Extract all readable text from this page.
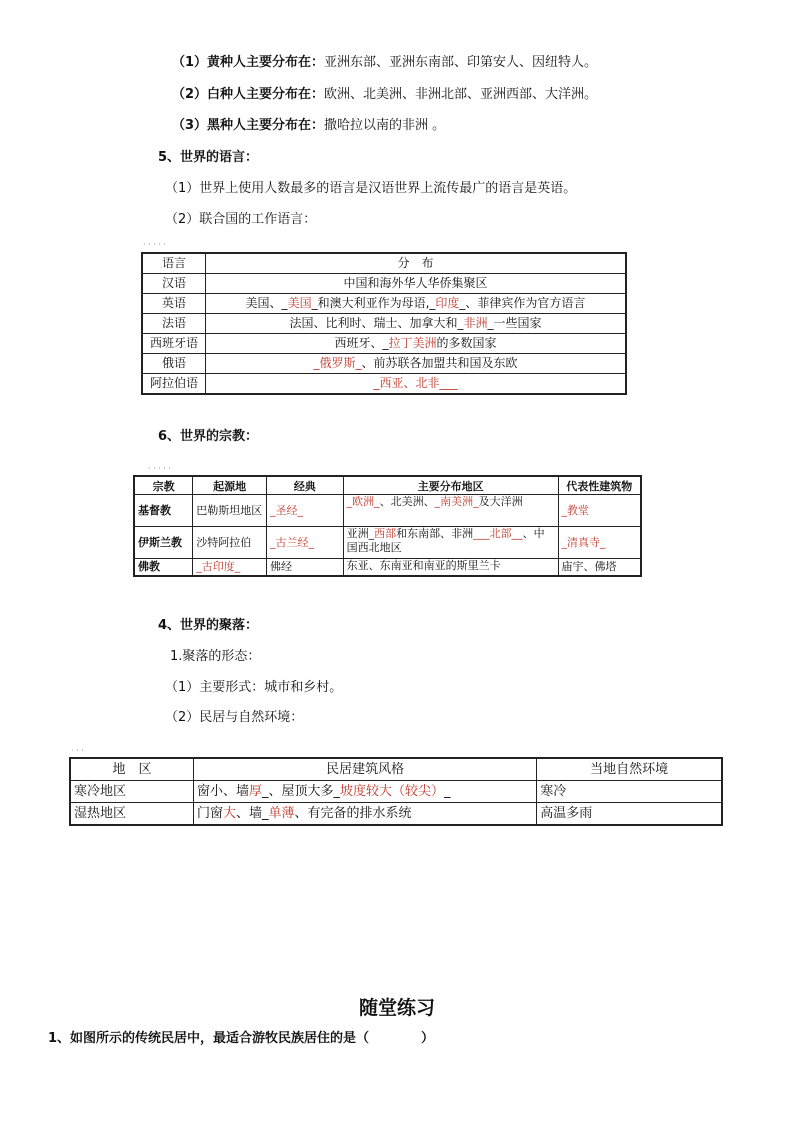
（1）黄种人主要分布在：亚洲东部、亚洲东南部、印第安人、因纽特人。
（2）白种人主要分布在：欧洲、北美洲、非洲北部、亚洲西部、大洋洲。
（3）黑种人主要分布在：撒哈拉以南的非洲 。
5、世界的语言：
（1）世界上使用人数最多的语言是汉语世界上流传最广的语言是英语。
（2）联合国的工作语言：
· · · · ·
语言	分　布
汉语	中国和海外华人华侨集聚区
英语	美国、_美国_和澳大利亚作为母语,_印度_、菲律宾作为官方语言
法语	法国、比利时、瑞士、加拿大和_非洲_一些国家
西班牙语	西班牙、_拉丁美洲的多数国家
俄语	_俄罗斯_、前苏联各加盟共和国及东欧
阿拉伯语	_西亚、北非___
6、世界的宗教：
· · · · ·
宗教	起源地	经典	主要分布地区	代表性建筑物
基督教	巴勒斯坦地区	_圣经_	_欧洲_、北美洲、_南美洲_及大洋洲	_教堂
伊斯兰教	沙特阿拉伯	_古兰经_	亚洲_西部和东南部、非洲___北部__、中国西北地区	_清真寺_
佛教	_古印度_	佛经	东亚、东南亚和南亚的斯里兰卡	庙宇、佛塔
4、世界的聚落：
1.聚落的形态：
（1）主要形式：城市和乡村。
（2）民居与自然环境：
· · ·
地　区	民居建筑风格	当地自然环境
寒冷地区	窗小、墙厚_、屋顶大多_坡度较大（较尖）_	寒冷
湿热地区	门窗大、墙_单薄、有完备的排水系统	高温多雨
随堂练习
1、如图所示的传统民居中，最适合游牧民族居住的是（　　　　）
